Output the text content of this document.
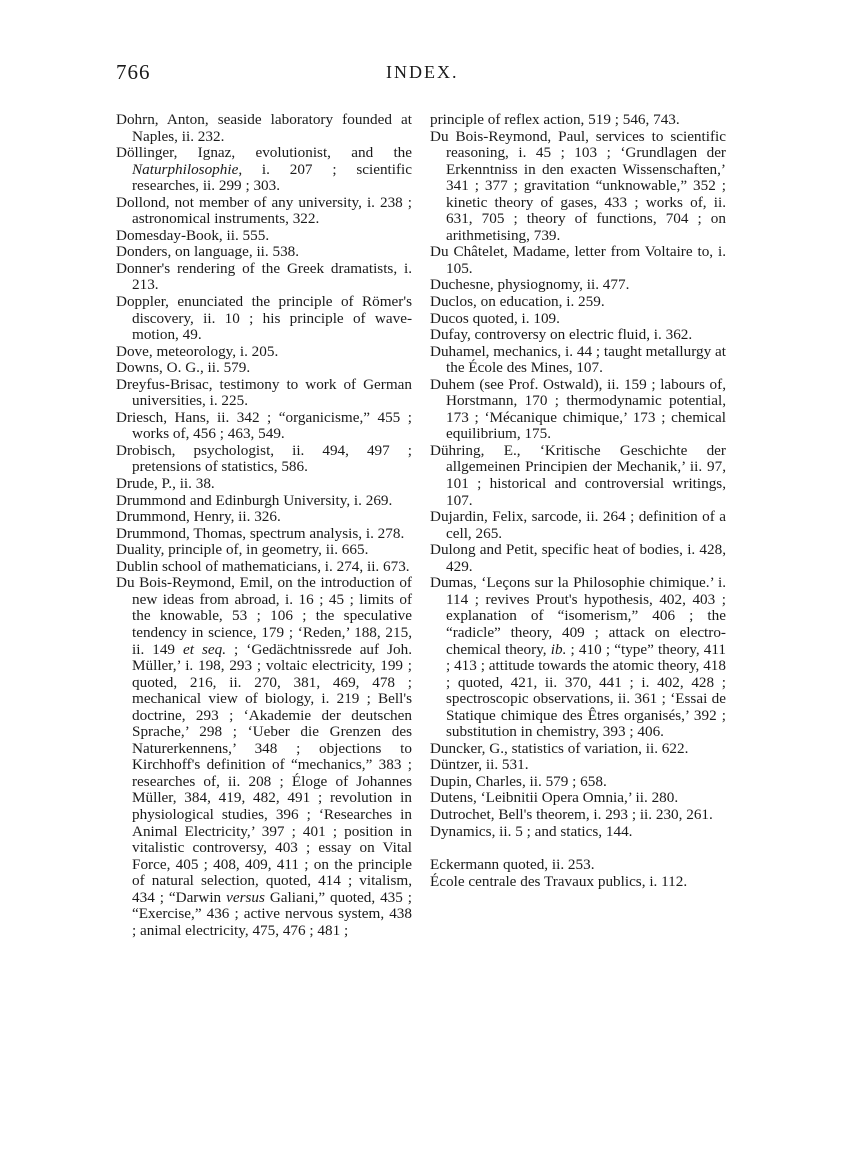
766	INDEX.

Dohrn, Anton, seaside laboratory founded at Naples, ii. 232.

Döllinger, Ignaz, evolutionist, and the Naturphilosophie, i. 207 ; scientific researches, ii. 299 ; 303.

Dollond, not member of any university, i. 238 ; astronomical instruments, 322.

Domesday-Book, ii. 555.

Donders, on language, ii. 538.

Donner's rendering of the Greek dramatists, i. 213.

Doppler, enunciated the principle of Römer's discovery, ii. 10 ; his principle of wave-motion, 49.

Dove, meteorology, i. 205.

Downs, O. G., ii. 579.

Dreyfus-Brisac, testimony to work of German universities, i. 225.

Driesch, Hans, ii. 342 ; “organicisme,” 455 ; works of, 456 ; 463, 549.

Drobisch, psychologist, ii. 494, 497 ; pretensions of statistics, 586.

Drude, P., ii. 38.

Drummond and Edinburgh University, i. 269.

Drummond, Henry, ii. 326.

Drummond, Thomas, spectrum analysis, i. 278.

Duality, principle of, in geometry, ii. 665.

Dublin school of mathematicians, i. 274, ii. 673.

Du Bois-Reymond, Emil, on the introduction of new ideas from abroad, i. 16 ; 45 ; limits of the knowable, 53 ; 106 ; the speculative tendency in science, 179 ; ‘Reden,’ 188, 215, ii. 149 et seq. ; ‘Gedächtnissrede auf Joh. Müller,’ i. 198, 293 ; voltaic electricity, 199 ; quoted, 216, ii. 270, 381, 469, 478 ; mechanical view of biology, i. 219 ; Bell's doctrine, 293 ; ‘Akademie der deutschen Sprache,’ 298 ; ‘Ueber die Grenzen des Naturerkennens,’ 348 ; objections to Kirchhoff's definition of “mechanics,” 383 ; researches of, ii. 208 ; Éloge of Johannes Müller, 384, 419, 482, 491 ; revolution in physiological studies, 396 ; ‘Researches in Animal Electricity,’ 397 ; 401 ; position in vitalistic controversy, 403 ; essay on Vital Force, 405 ; 408, 409, 411 ; on the principle of natural selection, quoted, 414 ; vitalism, 434 ; “Darwin versus Galiani,” quoted, 435 ; “Exercise,” 436 ; active nervous system, 438 ; animal electricity, 475, 476 ; 481 ;

principle of reflex action, 519 ; 546, 743.

Du Bois-Reymond, Paul, services to scientific reasoning, i. 45 ; 103 ; ‘Grundlagen der Erkenntniss in den exacten Wissenschaften,’ 341 ; 377 ; gravitation “unknowable,” 352 ; kinetic theory of gases, 433 ; works of, ii. 631, 705 ; theory of functions, 704 ; on arithmetising, 739.

Du Châtelet, Madame, letter from Voltaire to, i. 105.

Duchesne, physiognomy, ii. 477.

Duclos, on education, i. 259.

Ducos quoted, i. 109.

Dufay, controversy on electric fluid, i. 362.

Duhamel, mechanics, i. 44 ; taught metallurgy at the École des Mines, 107.

Duhem (see Prof. Ostwald), ii. 159 ; labours of, Horstmann, 170 ; thermodynamic potential, 173 ; ‘Mécanique chimique,’ 173 ; chemical equilibrium, 175.

Dühring, E., ‘Kritische Geschichte der allgemeinen Principien der Mechanik,’ ii. 97, 101 ; historical and controversial writings, 107.

Dujardin, Felix, sarcode, ii. 264 ; definition of a cell, 265.

Dulong and Petit, specific heat of bodies, i. 428, 429.

Dumas, ‘Leçons sur la Philosophie chimique.’ i. 114 ; revives Prout's hypothesis, 402, 403 ; explanation of “isomerism,” 406 ; the “radicle” theory, 409 ; attack on electro-chemical theory, ib. ; 410 ; “type” theory, 411 ; 413 ; attitude towards the atomic theory, 418 ; quoted, 421, ii. 370, 441 ; i. 402, 428 ; spectroscopic observations, ii. 361 ; ‘Essai de Statique chimique des Êtres organisés,’ 392 ; substitution in chemistry, 393 ; 406.

Duncker, G., statistics of variation, ii. 622.

Düntzer, ii. 531.

Dupin, Charles, ii. 579 ; 658.

Dutens, ‘Leibnitii Opera Omnia,’ ii. 280.

Dutrochet, Bell's theorem, i. 293 ; ii. 230, 261.

Dynamics, ii. 5 ; and statics, 144.

Eckermann quoted, ii. 253.

École centrale des Travaux publics, i. 112.
